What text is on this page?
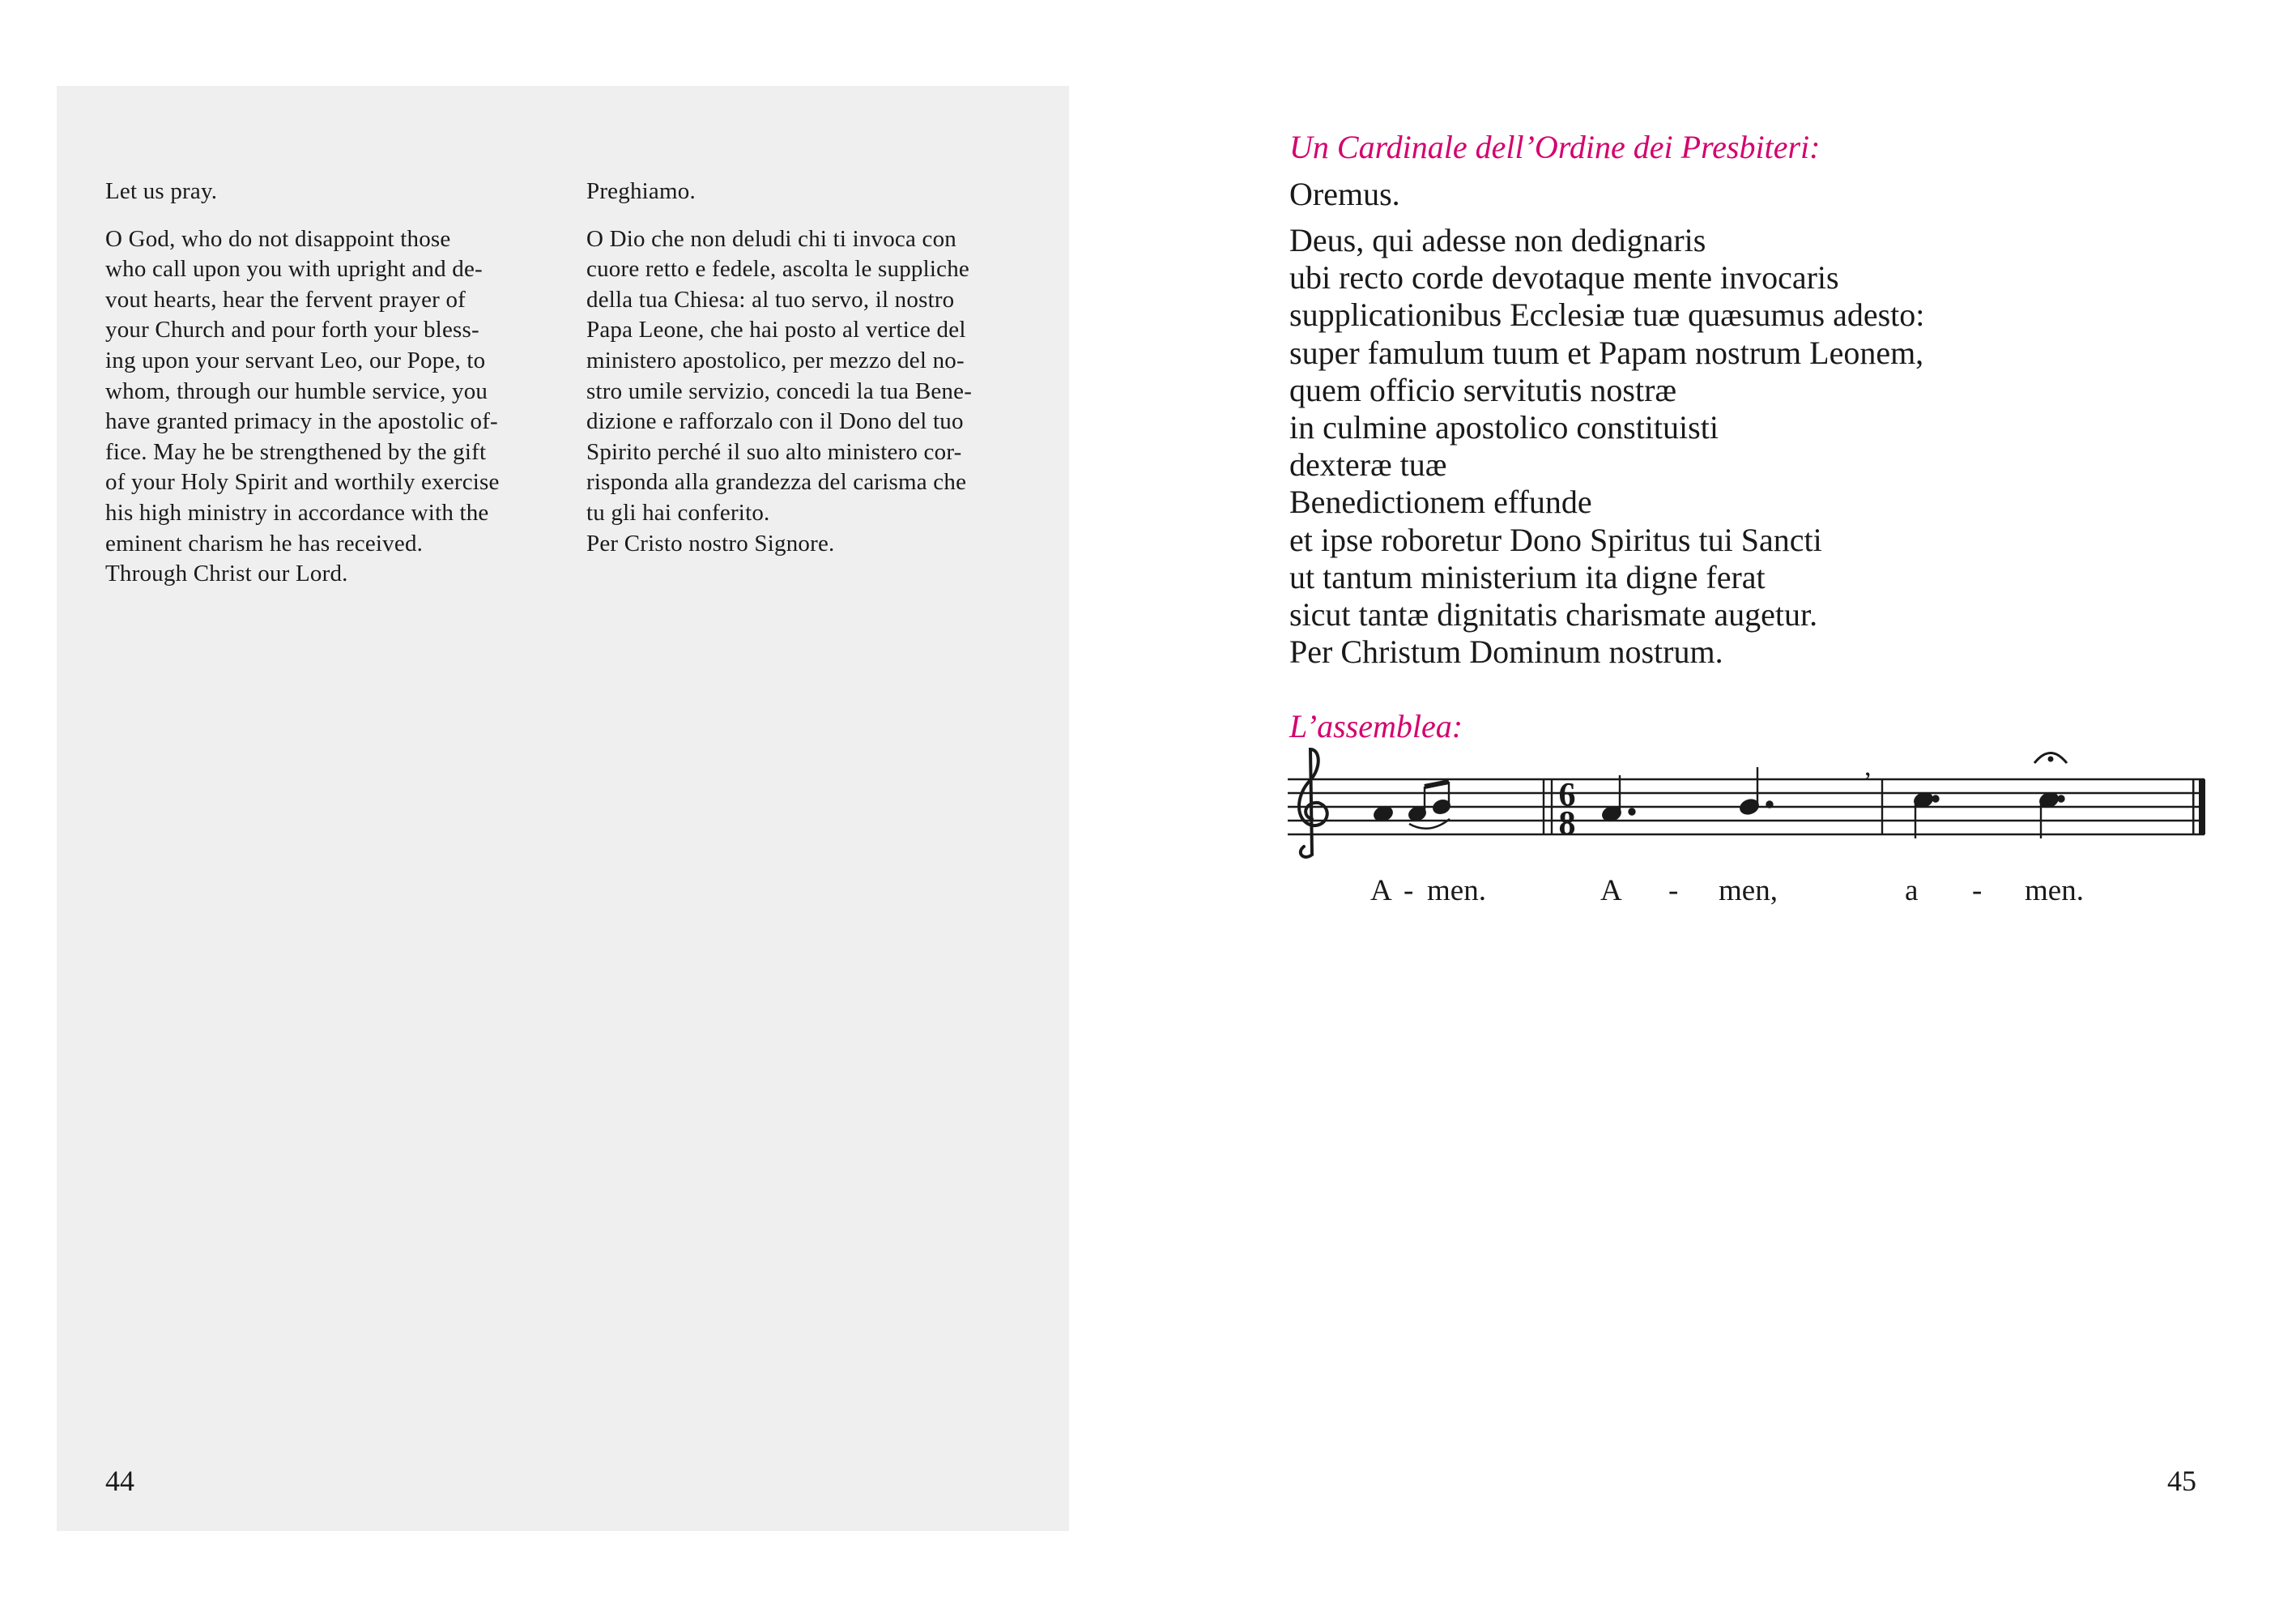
Let us pray.

O God, who do not disappoint those
who call upon you with upright and de-
vout hearts, hear the fervent prayer of
your Church and pour forth your bless-
ing upon your servant Leo, our Pope, to
whom, through our humble service, you
have granted primacy in the apostolic of-
fice. May he be strengthened by the gift
of your Holy Spirit and worthily exercise
his high ministry in accordance with the
eminent charism he has received.
Through Christ our Lord.

Preghiamo.

O Dio che non deludi chi ti invoca con
cuore retto e fedele, ascolta le suppliche
della tua Chiesa: al tuo servo, il nostro
Papa Leone, che hai posto al vertice del
ministero apostolico, per mezzo del no-
stro umile servizio, concedi la tua Bene-
dizione e rafforzalo con il Dono del tuo
Spirito perché il suo alto ministero cor-
risponda alla grandezza del carisma che
tu gli hai conferito.
Per Cristo nostro Signore.
44
Un Cardinale dell’Ordine dei Presbiteri:
Oremus.
Deus, qui adesse non dedignaris
ubi recto corde devotaque mente invocaris
supplicationibus Ecclesiæ tuæ quæsumus adesto:
super famulum tuum et Papam nostrum Leonem,
quem officio servitutis nostræ
in culmine apostolico constituisti
dexteræ tuæ
Benedictionem effunde
et ipse roboretur Dono Spiritus tui Sancti
ut tantum ministerium ita digne ferat
sicut tantæ dignitatis charismate augetur.
Per Christum Dominum nostrum.
L’assemblea:
6
8
,
A - men.	A - men,	a - men.
45
